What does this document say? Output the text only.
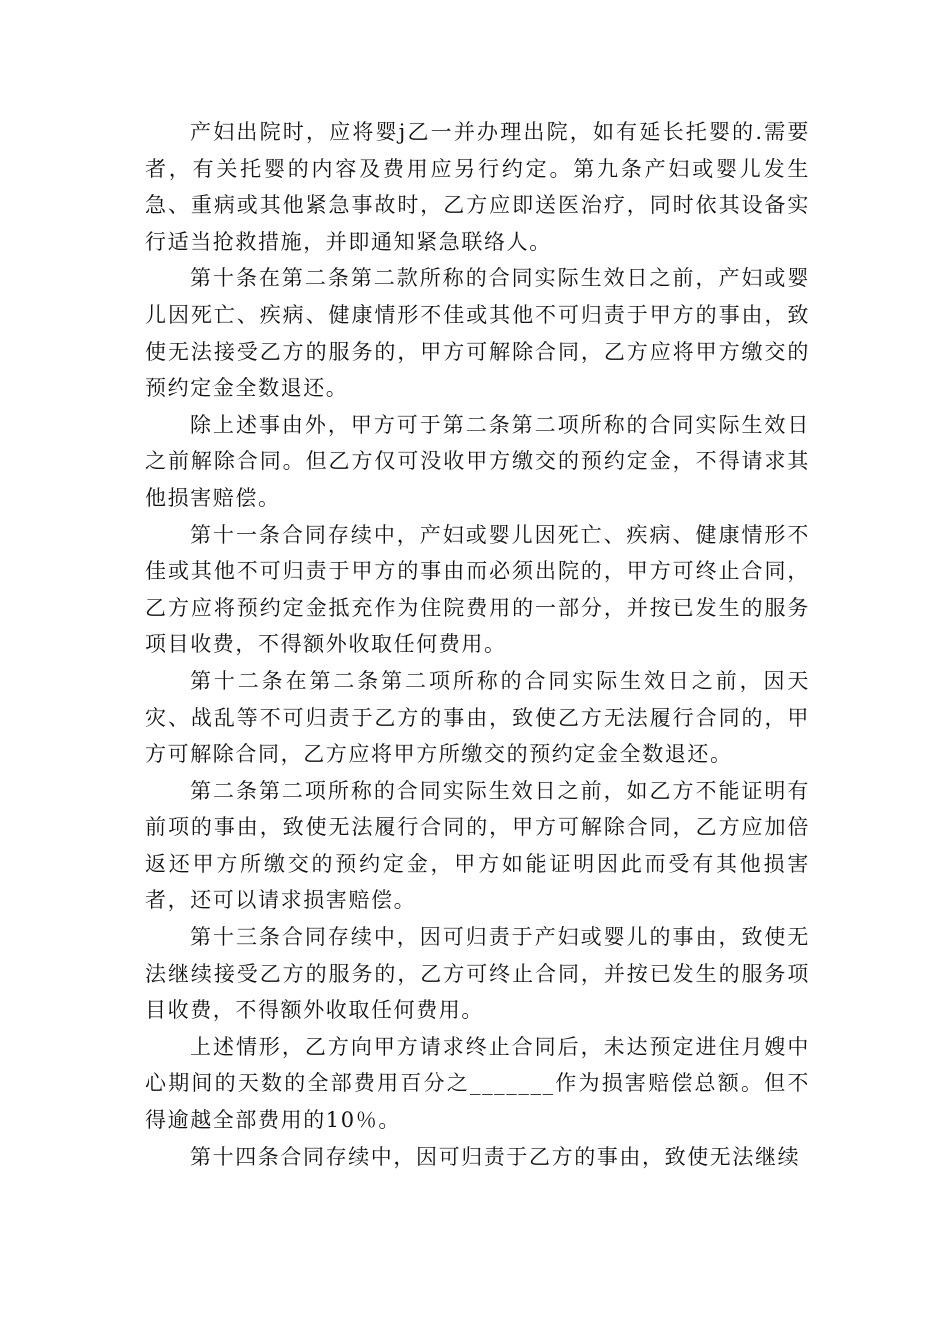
产妇出院时，应将婴j乙一并办理出院，如有延长托婴的.需要者，有关托婴的内容及费用应另行约定。第九条产妇或婴儿发生急、重病或其他紧急事故时，乙方应即送医治疗，同时依其设备实行适当抢救措施，并即通知紧急联络人。

第十条在第二条第二款所称的合同实际生效日之前，产妇或婴儿因死亡、疾病、健康情形不佳或其他不可归责于甲方的事由，致使无法接受乙方的服务的，甲方可解除合同，乙方应将甲方缴交的预约定金全数退还。

除上述事由外，甲方可于第二条第二项所称的合同实际生效日之前解除合同。但乙方仅可没收甲方缴交的预约定金，不得请求其他损害赔偿。

第十一条合同存续中，产妇或婴儿因死亡、疾病、健康情形不佳或其他不可归责于甲方的事由而必须出院的，甲方可终止合同，乙方应将预约定金抵充作为住院费用的一部分，并按已发生的服务项目收费，不得额外收取任何费用。

第十二条在第二条第二项所称的合同实际生效日之前，因天灾、战乱等不可归责于乙方的事由，致使乙方无法履行合同的，甲方可解除合同，乙方应将甲方所缴交的预约定金全数退还。

第二条第二项所称的合同实际生效日之前，如乙方不能证明有前项的事由，致使无法履行合同的，甲方可解除合同，乙方应加倍返还甲方所缴交的预约定金，甲方如能证明因此而受有其他损害者，还可以请求损害赔偿。

第十三条合同存续中，因可归责于产妇或婴儿的事由，致使无法继续接受乙方的服务的，乙方可终止合同，并按已发生的服务项目收费，不得额外收取任何费用。

上述情形，乙方向甲方请求终止合同后，未达预定进住月嫂中心期间的天数的全部费用百分之_______作为损害赔偿总额。但不得逾越全部费用的10％。

第十四条合同存续中，因可归责于乙方的事由，致使无法继续
